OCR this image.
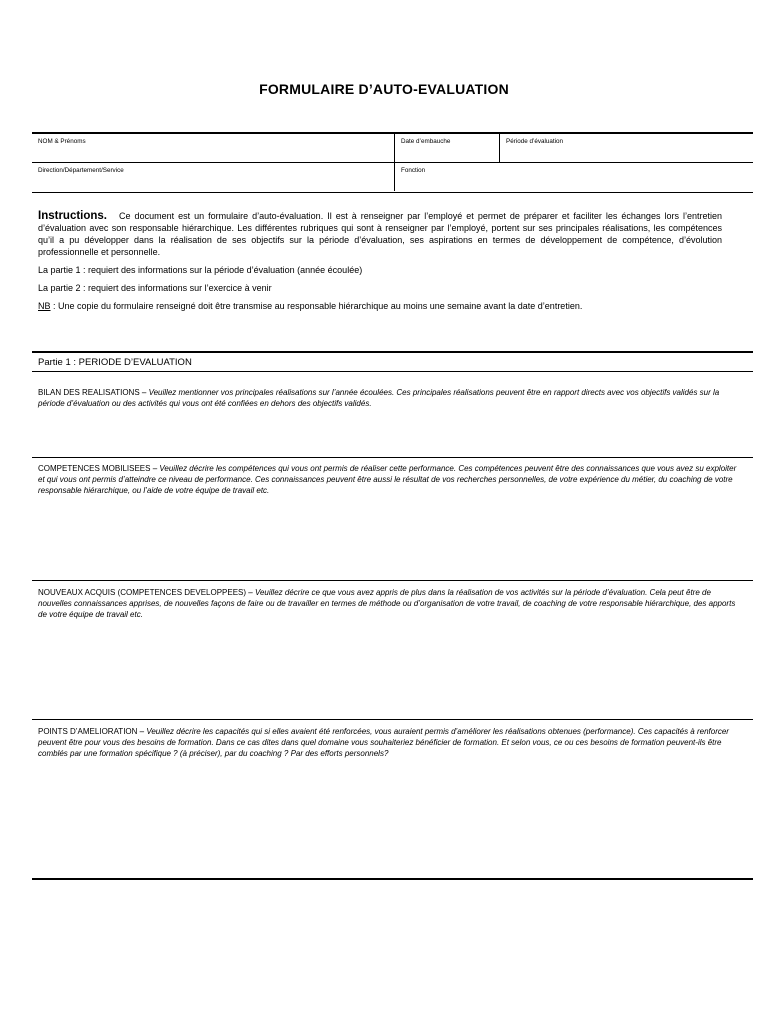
FORMULAIRE D’AUTO-EVALUATION
NOM & Prénoms	Date d’embauche	Période d’évaluation
Direction/Département/Service	Fonction

Instructions. Ce document est un formulaire d’auto-évaluation. Il est à renseigner par l’employé et permet de préparer et faciliter les échanges lors l’entretien d’évaluation avec son responsable hiérarchique. Les différentes rubriques qui sont à renseigner par l’employé, portent sur ses principales réalisations, les compétences qu’il a pu développer dans la réalisation de ses objectifs sur la période d’évaluation, ses aspirations en termes de développement de compétence, d’évolution professionnelle et personnelle.

La partie 1 : requiert des informations sur la période d’évaluation (année écoulée)

La partie 2 : requiert des informations sur l’exercice à venir

NB : Une copie du formulaire renseigné doit être transmise au responsable hiérarchique au moins une semaine avant la date d’entretien.

Partie 1 : PERIODE D’EVALUATION
BILAN DES REALISATIONS – Veuillez mentionner vos principales réalisations sur l’année écoulées. Ces principales réalisations peuvent être en rapport directs avec vos objectifs validés sur la période d’évaluation ou des activités qui vous ont été confiées en dehors des objectifs validés.
COMPETENCES MOBILISEES – Veuillez décrire les compétences qui vous ont permis de réaliser cette performance. Ces compétences peuvent être des connaissances que vous avez su exploiter et qui vous ont permis d’atteindre ce niveau de performance. Ces connaissances peuvent être aussi le résultat de vos recherches personnelles, de votre expérience du métier, du coaching de votre responsable hiérarchique, ou l’aide de votre équipe de travail etc.
NOUVEAUX ACQUIS (COMPETENCES DEVELOPPEES) – Veuillez décrire ce que vous avez appris de plus dans la réalisation de vos activités sur la période d’évaluation. Cela peut être de nouvelles connaissances apprises, de nouvelles façons de faire ou de travailler en termes de méthode ou d’organisation de votre travail, de coaching de votre responsable hiérarchique, des apports de votre équipe de travail etc.
POINTS D’AMELIORATION – Veuillez décrire les capacités qui si elles avaient été renforcées, vous auraient permis d’améliorer les réalisations obtenues (performance). Ces capacités à renforcer peuvent être pour vous des besoins de formation. Dans ce cas dites dans quel domaine vous souhaiteriez bénéficier de formation. Et selon vous, ce ou ces besoins de formation peuvent-ils être comblés par une formation spécifique ? (à préciser), par du coaching ? Par des efforts personnels?
